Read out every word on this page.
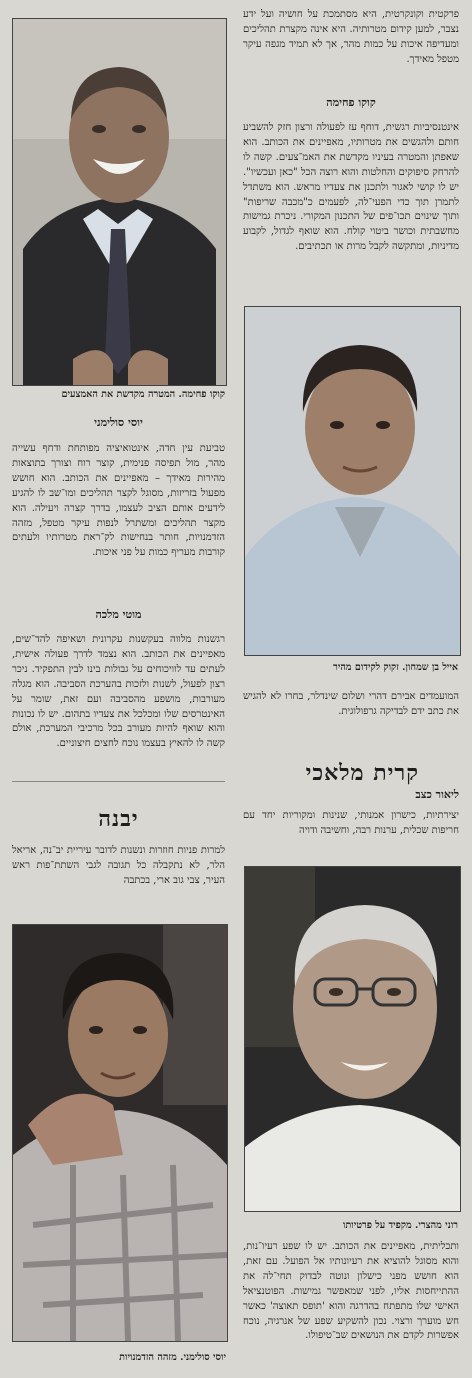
קוקו פחימה. המטרה מקדשת את האמצעים

יוסי סולימני

טביעת עין חדה, אינטואיציה מפותחת ודחף עשייה מהר, מול תפיסה פנימית, קוצר רוח וצורך בתוצאות מהירות מאידך – מאפיינים את הכותב. הוא חושש מפעול בזריזות, מסוגל לקצר תהליכים ומו־שב לו להגיע לידעים אותם הציב לעצמו, בדרך קצרה ויעילה. הוא מקצר תהליכים ומשתרל לנפות עיקר מטפל, מזהה הזדמנויות, חותר בנחישות לק־ראת מטרותיו ולעתים קורבות מעריף כמות על פני איכות.

מוטי מלכה

רגשנות מלווה בעקשנות עקרונית ושאיפה להד־שים, מאפיינים את הכותב. הוא נצמד לדרך פעולה אישית, לעתים עד לוויכוחים על גבולות בינו לבין התפקיד. ניכר רצון לפעול, לשנות ולזכות בהערכת הסביבה. הוא מגלה מעורבות, מושפע מהסביבה ועם זאת, שומר על האינטרסים שלו ומכלכל את צעדיו בתהום. יש לו נכונות והוא שואף להיות מעורב בכל מרכיבי המערכת, אולם קשה לו להאיץ בעצמו נוכח לחצים חיצוניים.

יבנה

למרות פניות חוזרות ונשנות לדובר עיריית יב־נה, אריאל הלר, לא נתקבלה כל תגובה לגבי השתת־פות ראש העיר, צבי גוב ארי, בכתבה

יוסי סולימני. מזהה הזדמנויות

פרקטית וקונקרטית, היא מסתמכת על חושיה ועל ידע נצבר, למען קידום מטרותיה. היא אינה מקצרת תהליכים ומעדיפה איכות על כמות מהר, אך לא תמיד מגפה עיקר מטפל מאידך.

קוקו פחימה

אינטנסיביות רגשית, דוחף עז לפעולה ורצון חזק להשביע חותם ולהגשים את מטרותיו, מאפיינים את הכותב. הוא שאפתן והמטרה בעיניו מקדשת את האמ־צעים. קשה לו להרחק סיפוקים והחלטות והוא רוצה הכל "כאן ועכשיו". יש לו קושי לאגור ולתכנן את צעדיו מראש. הוא משתדל לתמרן תוך כדי הפעי־לה, לפעמים כ"מכבה שריפות" ותוך שינוים תכו־פים של התכנון המקורי. ניכרת גמישות מחשבתית וכושר ביטוי קולח. הוא שואף לגדול, לקבוע מדיניות, ומתקשה לקבל מרות או תכתיבים.

אייל בן שמחון. זקוק לקידום מהיר

המועמדים אבירם דהרי ושלום שינדלר, בחרו לא להגיש את כתב ידם לבדיקה גרפולוגית.

קרית מלאכי

ליאור כצב

יצירתיות, כישרון אמנותי, שנינות ומקוריות יחד עם חריפות שכלית, ערנות רבה, וחשיבה ודויה

רוני מהצרי. מקפיד על פרטיותו

ותכליתית, מאפיינים את הכותב. יש לו שפע רעיו־נות, והוא מסוגל להוציא את רעיונותיו אל הפועל. עם זאת, הוא חושש מפני כישלון ונוטה לבדוק תחי־לה את ההתייחסות אליו, לפני שמאפשר גמישות. הפוטנציאל האישי שלו מתפתח בהדרגה והוא 'תופס תאוצה' כאשר חש מוערך ורצוי. נכון להשקיע שפע של אנרגיה, נוכח אפשרות לקדם את הנושאים שב־טיפולו.
